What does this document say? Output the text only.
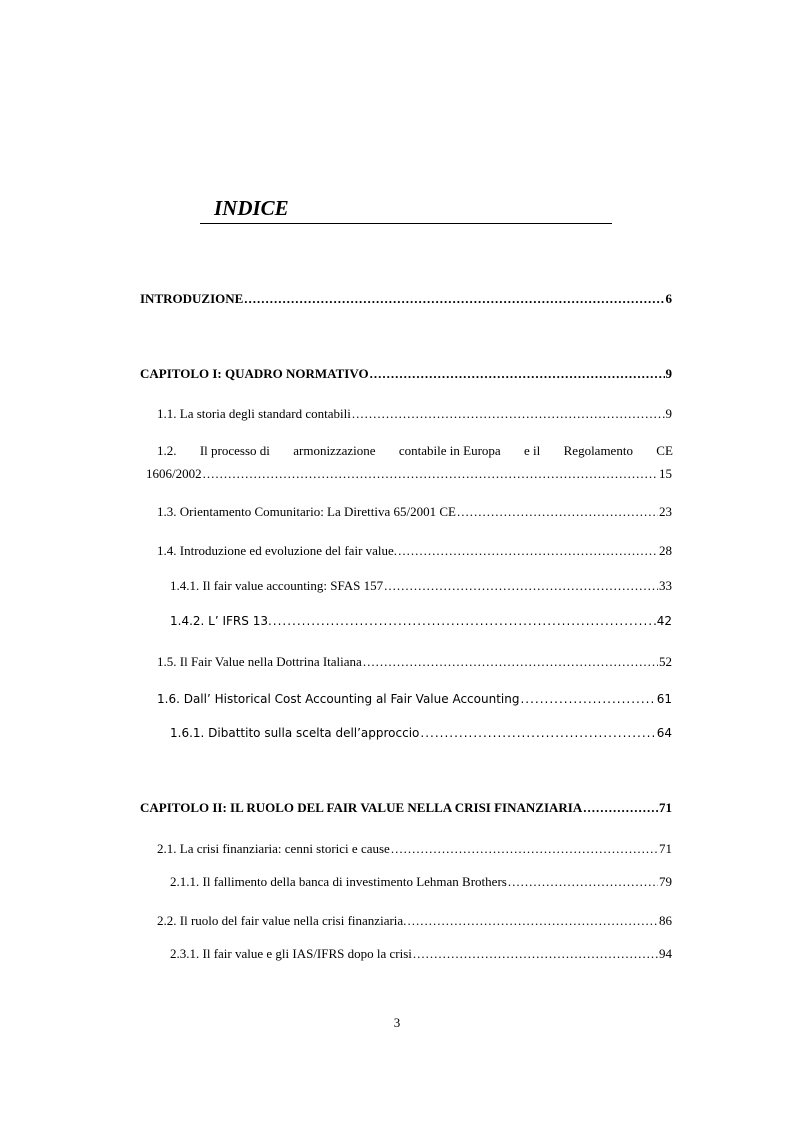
INDICE
INTRODUZIONE .....	6
CAPITOLO I: QUADRO NORMATIVO .....	9
1.1. La storia degli standard contabili .....	9
1.2. Il processo di armonizzazione contabile in Europa e il Regolamento CE
1606/2002 .....	15
1.3. Orientamento Comunitario: La Direttiva 65/2001 CE .....	23
1.4. Introduzione ed evoluzione del fair value. .....	28
1.4.1. Il fair value accounting: SFAS 157 .....	33
1.4.2. L’ IFRS 13. .....	42
1.5. Il Fair Value nella Dottrina Italiana .....	52
1.6. Dall’ Historical Cost Accounting al Fair Value Accounting .....	61
1.6.1. Dibattito sulla scelta dell’approccio .....	64
CAPITOLO II: IL RUOLO DEL FAIR VALUE NELLA CRISI FINANZIARIA .....	71
2.1. La crisi finanziaria: cenni storici e cause .....	71
2.1.1. Il fallimento della banca di investimento Lehman Brothers .....	79
2.2. Il ruolo del fair value nella crisi finanziaria. .....	86
2.3.1. Il fair value e gli IAS/IFRS dopo la crisi .....	94
3
